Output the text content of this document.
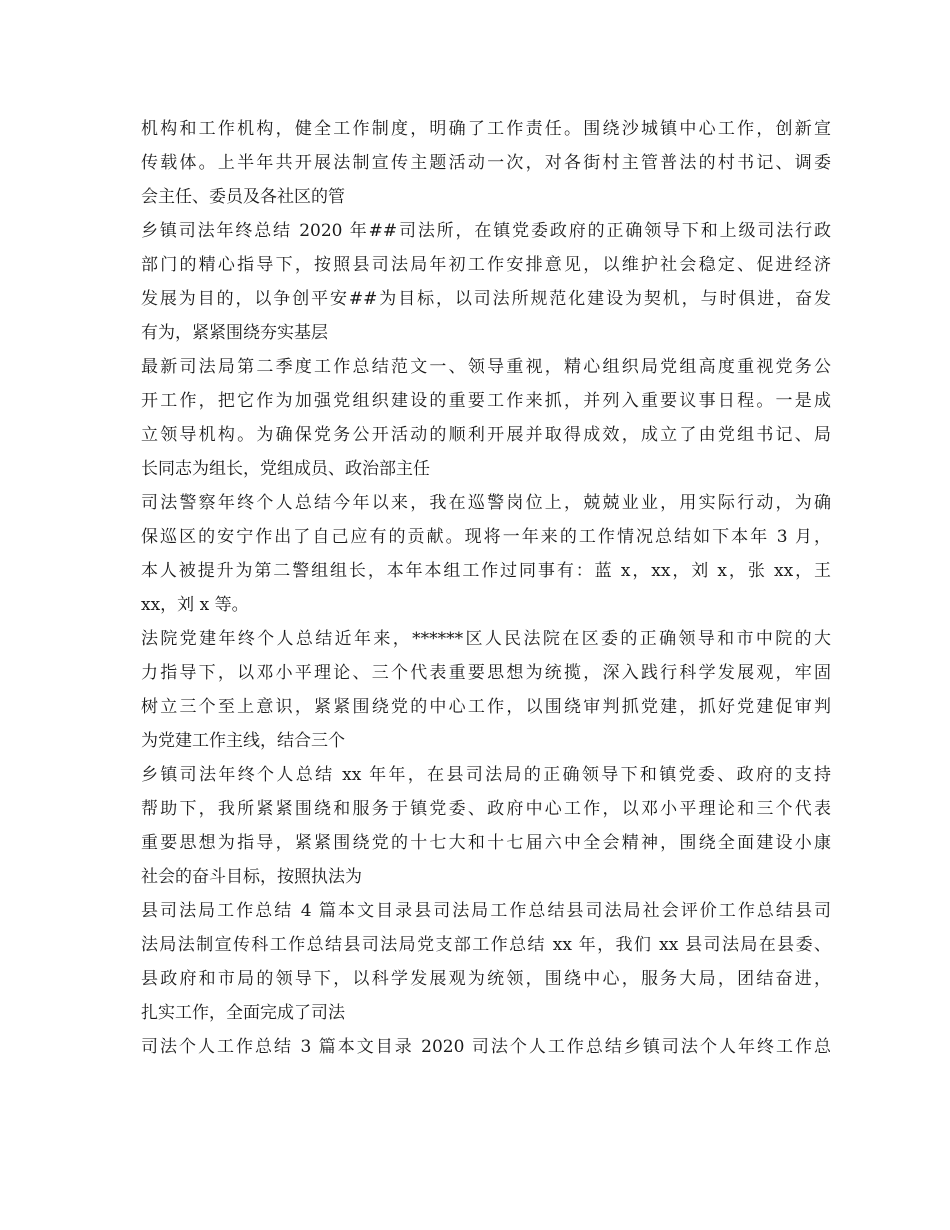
机构和工作机构，健全工作制度，明确了工作责任。围绕沙城镇中心工作，创新宣
传载体。上半年共开展法制宣传主题活动一次，对各街村主管普法的村书记、调委
会主任、委员及各社区的管
乡镇司法年终总结 2020 年##司法所，在镇党委政府的正确领导下和上级司法行政
部门的精心指导下，按照县司法局年初工作安排意见，以维护社会稳定、促进经济
发展为目的，以争创平安##为目标，以司法所规范化建设为契机，与时俱进，奋发
有为，紧紧围绕夯实基层
最新司法局第二季度工作总结范文一、领导重视，精心组织局党组高度重视党务公
开工作，把它作为加强党组织建设的重要工作来抓，并列入重要议事日程。一是成
立领导机构。为确保党务公开活动的顺利开展并取得成效，成立了由党组书记、局
长同志为组长，党组成员、政治部主任
司法警察年终个人总结今年以来，我在巡警岗位上，兢兢业业，用实际行动，为确
保巡区的安宁作出了自己应有的贡献。现将一年来的工作情况总结如下本年 3 月，
本人被提升为第二警组组长，本年本组工作过同事有：蓝 x，xx，刘 x，张 xx，王
xx，刘 x 等。
法院党建年终个人总结近年来，******区人民法院在区委的正确领导和市中院的大
力指导下，以邓小平理论、三个代表重要思想为统揽，深入践行科学发展观，牢固
树立三个至上意识，紧紧围绕党的中心工作，以围绕审判抓党建，抓好党建促审判
为党建工作主线，结合三个
乡镇司法年终个人总结 xx 年年，在县司法局的正确领导下和镇党委、政府的支持
帮助下，我所紧紧围绕和服务于镇党委、政府中心工作，以邓小平理论和三个代表
重要思想为指导，紧紧围绕党的十七大和十七届六中全会精神，围绕全面建设小康
社会的奋斗目标，按照执法为
县司法局工作总结 4 篇本文目录县司法局工作总结县司法局社会评价工作总结县司
法局法制宣传科工作总结县司法局党支部工作总结 xx 年，我们 xx 县司法局在县委、
县政府和市局的领导下，以科学发展观为统领，围绕中心，服务大局，团结奋进，
扎实工作，全面完成了司法
司法个人工作总结 3 篇本文目录 2020 司法个人工作总结乡镇司法个人年终工作总
